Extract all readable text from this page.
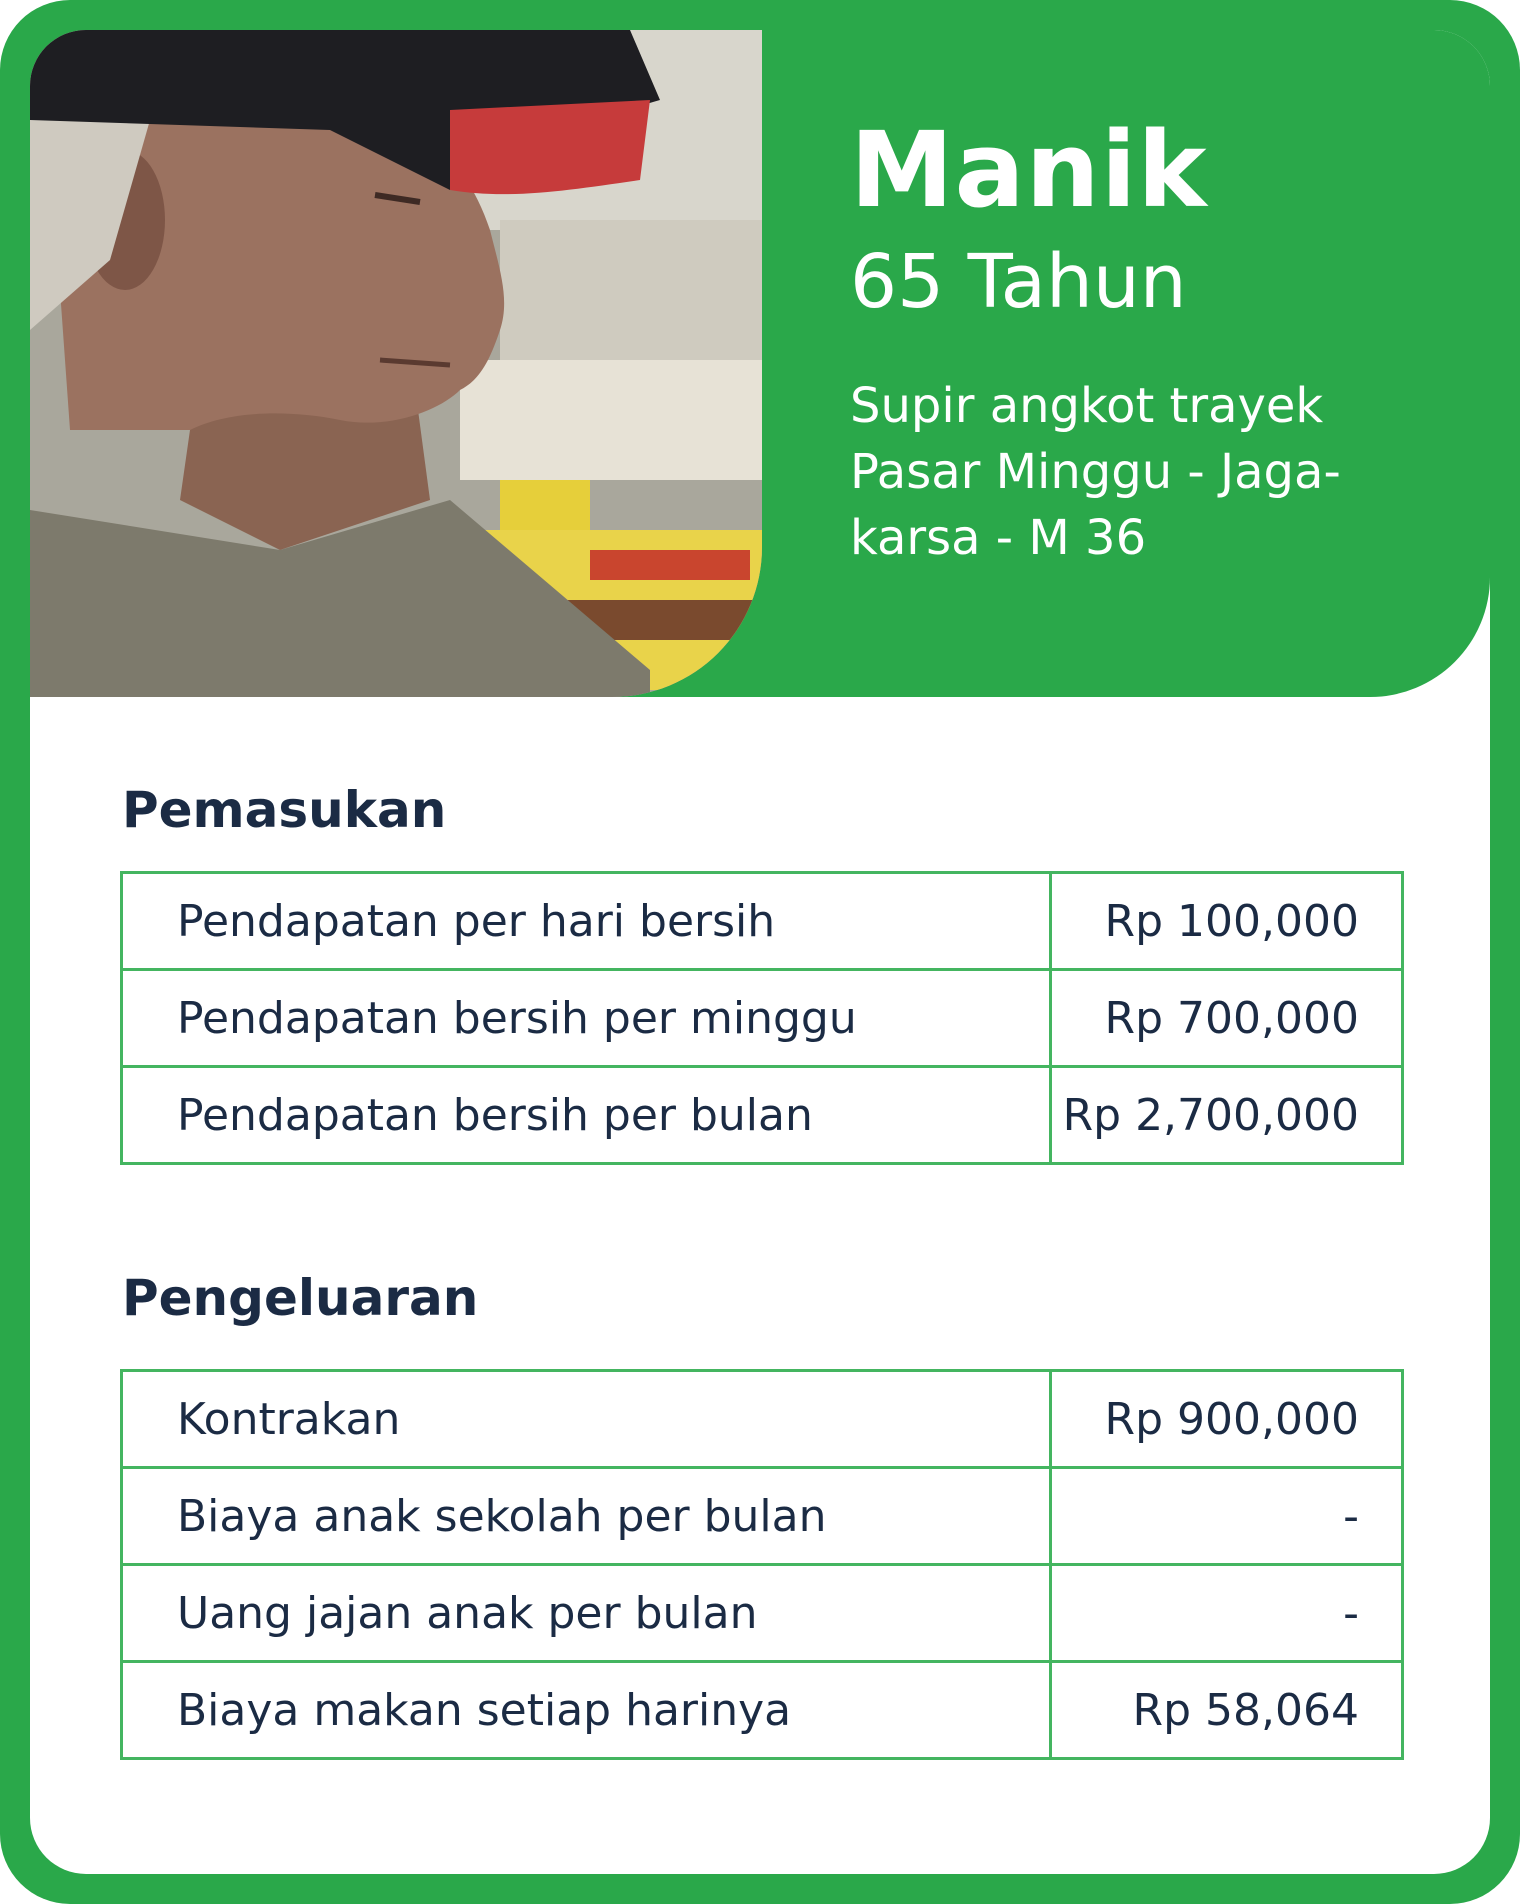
Manik
65 Tahun
Supir angkot trayek Pasar Minggu - Jaga-karsa - M 36
Pemasukan
Pendapatan per hari bersih	Rp 100,000
Pendapatan bersih per minggu	Rp 700,000
Pendapatan bersih per bulan	Rp 2,700,000
Pengeluaran
Kontrakan	Rp 900,000
Biaya anak sekolah per bulan	-
Uang jajan anak per bulan	-
Biaya makan setiap harinya	Rp 58,064
